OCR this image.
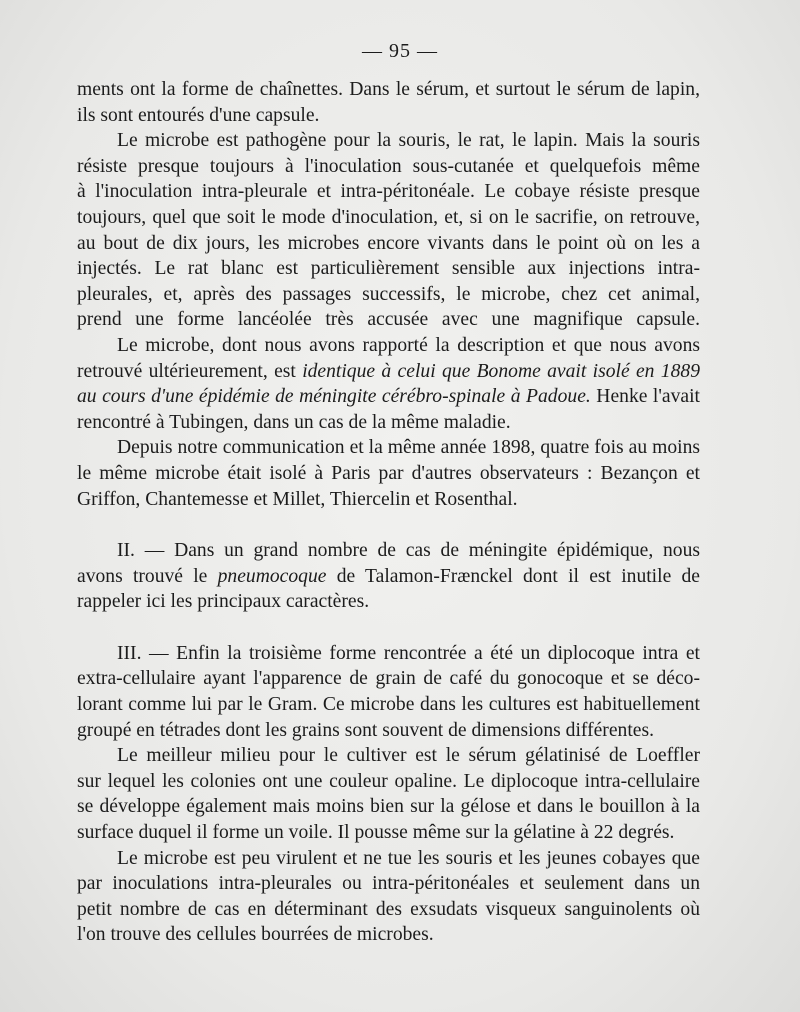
— 95 —

ments ont la forme de chaînettes. Dans le sérum, et surtout le sérum de lapin,

ils sont entourés d'une capsule.

Le microbe est pathogène pour la souris, le rat, le lapin. Mais la souris

résiste presque toujours à l'inoculation sous-cutanée et quelquefois même

à l'inoculation intra-pleurale et intra-péritonéale. Le cobaye résiste presque

toujours, quel que soit le mode d'inoculation, et, si on le sacrifie, on retrouve,

au bout de dix jours, les microbes encore vivants dans le point où on les a

injectés. Le rat blanc est particulièrement sensible aux injections intra-

pleurales, et, après des passages successifs, le microbe, chez cet animal,

prend une forme lancéolée très accusée avec une magnifique capsule.

Le microbe, dont nous avons rapporté la description et que nous avons

retrouvé ultérieurement, est identique à celui que Bonome avait isolé en 1889

au cours d'une épidémie de méningite cérébro-spinale à Padoue. Henke l'avait

rencontré à Tubingen, dans un cas de la même maladie.

Depuis notre communication et la même année 1898, quatre fois au moins

le même microbe était isolé à Paris par d'autres observateurs : Bezançon et

Griffon, Chantemesse et Millet, Thiercelin et Rosenthal.

II. — Dans un grand nombre de cas de méningite épidémique, nous

avons trouvé le pneumocoque de Talamon-Frænckel dont il est inutile de

rappeler ici les principaux caractères.

III. — Enfin la troisième forme rencontrée a été un diplocoque intra et

extra-cellulaire ayant l'apparence de grain de café du gonocoque et se déco-

lorant comme lui par le Gram. Ce microbe dans les cultures est habituellement

groupé en tétrades dont les grains sont souvent de dimensions différentes.

Le meilleur milieu pour le cultiver est le sérum gélatinisé de Loeffler

sur lequel les colonies ont une couleur opaline. Le diplocoque intra-cellulaire

se développe également mais moins bien sur la gélose et dans le bouillon à la

surface duquel il forme un voile. Il pousse même sur la gélatine à 22 degrés.

Le microbe est peu virulent et ne tue les souris et les jeunes cobayes que

par inoculations intra-pleurales ou intra-péritonéales et seulement dans un

petit nombre de cas en déterminant des exsudats visqueux sanguinolents où

l'on trouve des cellules bourrées de microbes.
